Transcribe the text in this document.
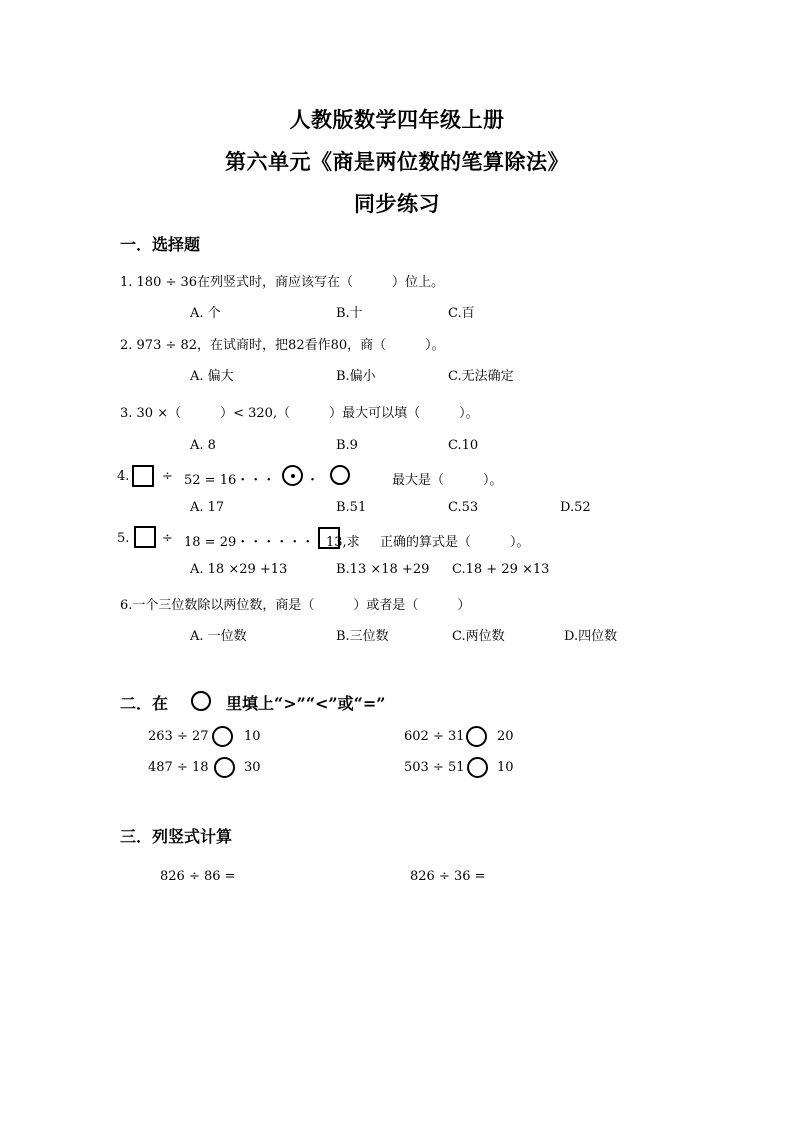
人教版数学四年级上册
第六单元《商是两位数的笔算除法》
同步练习
一．选择题
1. 180 ÷ 36在列竖式时，商应该写在（　　　）位上。
A. 个	B.十	C.百
2. 973 ÷ 82，在试商时，把82看作80，商（　　　）。
A. 偏大	B.偏小	C.无法确定
3. 30 ×（　　　）< 320,（　　　）最大可以填（　　　）。
A. 8	B.9	C.10
4.	÷ 52 = 16・・・ ・	最大是（　　　）。
A. 17	B.51	C.53	D.52
5.	÷ 18 = 29・・・・・・ 13,求 正确的算式是（　　　）。
A. 18 ×29 +13	B.13 ×18 +29 C.18 + 29 ×13
6.一个三位数除以两位数，商是（　　　）或者是（　　　）
A. 一位数	B.三位数	C.两位数	D.四位数
二．在	里填上“>”“<”或“=”
263 ÷ 27	10	602 ÷ 31 20
487 ÷ 18	30	503 ÷ 51 10
三．列竖式计算
826 ÷ 86 =	826 ÷ 36 =
